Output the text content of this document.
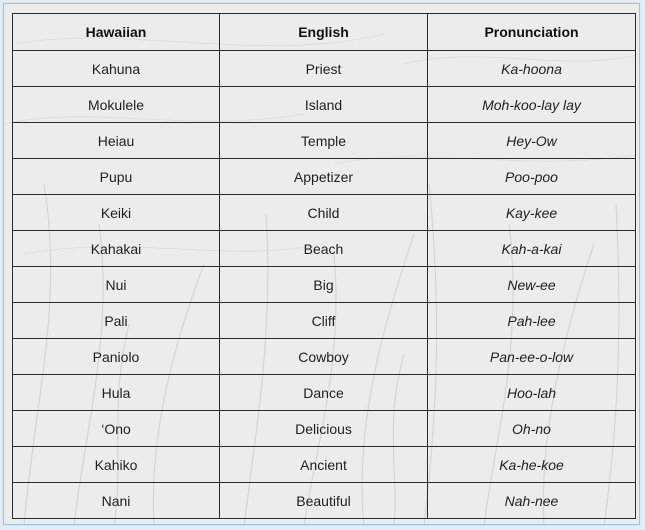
Hawaiian	English	Pronunciation
Kahuna	Priest	Ka-hoona
Mokulele	Island	Moh-koo-lay lay
Heiau	Temple	Hey-Ow
Pupu	Appetizer	Poo-poo
Keiki	Child	Kay-kee
Kahakai	Beach	Kah-a-kai
Nui	Big	New-ee
Pali	Cliff	Pah-lee
Paniolo	Cowboy	Pan-ee-o-low
Hula	Dance	Hoo-lah
‘Ono	Delicious	Oh-no
Kahiko	Ancient	Ka-he-koe
Nani	Beautiful	Nah-nee
